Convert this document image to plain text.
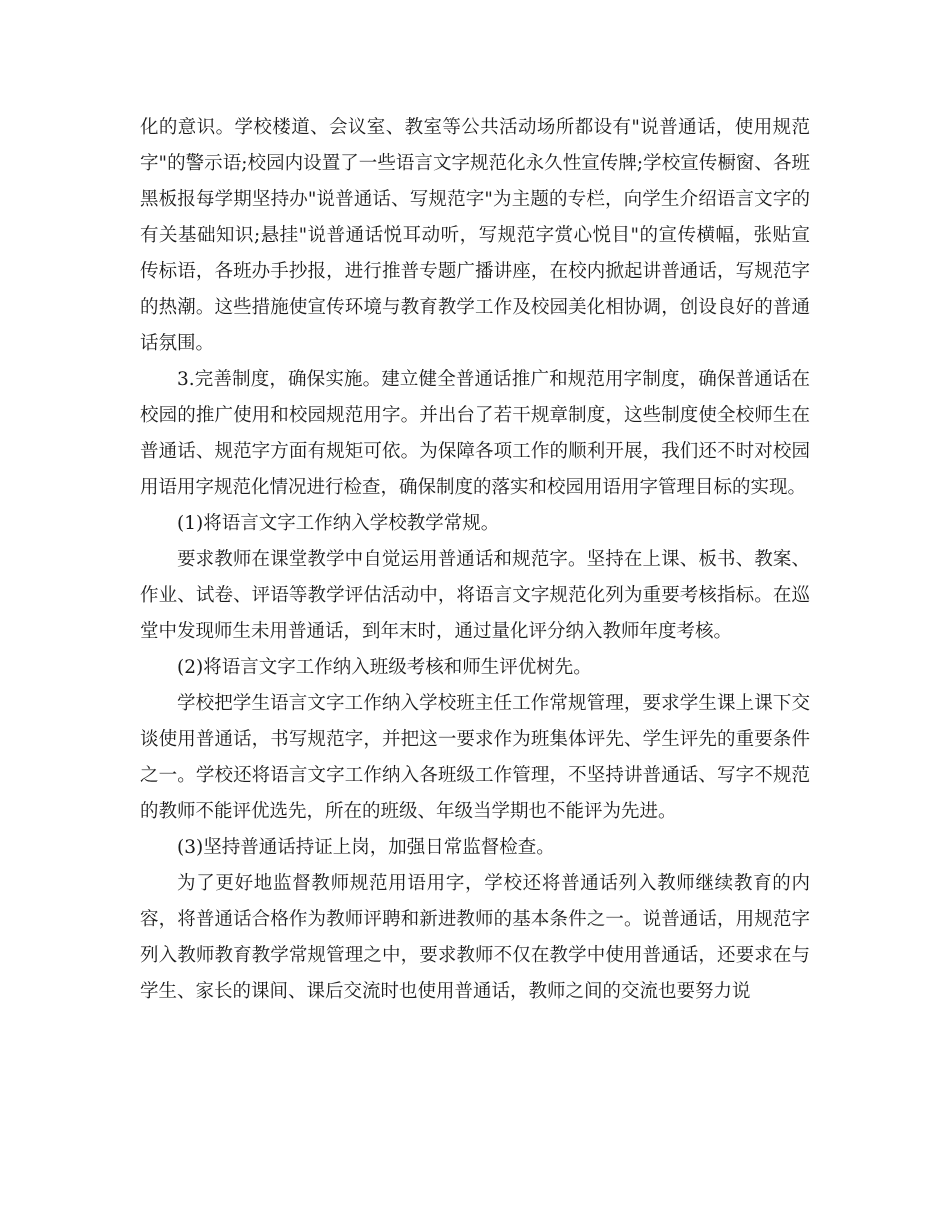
化的意识。学校楼道、会议室、教室等公共活动场所都设有"说普通话，使用规范字"的警示语;校园内设置了一些语言文字规范化永久性宣传牌;学校宣传橱窗、各班黑板报每学期坚持办"说普通话、写规范字"为主题的专栏，向学生介绍语言文字的有关基础知识;悬挂"说普通话悦耳动听，写规范字赏心悦目"的宣传横幅，张贴宣传标语，各班办手抄报，进行推普专题广播讲座，在校内掀起讲普通话，写规范字的热潮。这些措施使宣传环境与教育教学工作及校园美化相协调，创设良好的普通话氛围。

3.完善制度，确保实施。建立健全普通话推广和规范用字制度，确保普通话在校园的推广使用和校园规范用字。并出台了若干规章制度，这些制度使全校师生在普通话、规范字方面有规矩可依。为保障各项工作的顺利开展，我们还不时对校园用语用字规范化情况进行检查，确保制度的落实和校园用语用字管理目标的实现。

(1)将语言文字工作纳入学校教学常规。

要求教师在课堂教学中自觉运用普通话和规范字。坚持在上课、板书、教案、作业、试卷、评语等教学评估活动中，将语言文字规范化列为重要考核指标。在巡堂中发现师生未用普通话，到年末时，通过量化评分纳入教师年度考核。

(2)将语言文字工作纳入班级考核和师生评优树先。

学校把学生语言文字工作纳入学校班主任工作常规管理，要求学生课上课下交谈使用普通话，书写规范字，并把这一要求作为班集体评先、学生评先的重要条件之一。学校还将语言文字工作纳入各班级工作管理，不坚持讲普通话、写字不规范的教师不能评优选先，所在的班级、年级当学期也不能评为先进。

(3)坚持普通话持证上岗，加强日常监督检查。

为了更好地监督教师规范用语用字，学校还将普通话列入教师继续教育的内容，将普通话合格作为教师评聘和新进教师的基本条件之一。说普通话，用规范字列入教师教育教学常规管理之中，要求教师不仅在教学中使用普通话，还要求在与学生、家长的课间、课后交流时也使用普通话，教师之间的交流也要努力说
